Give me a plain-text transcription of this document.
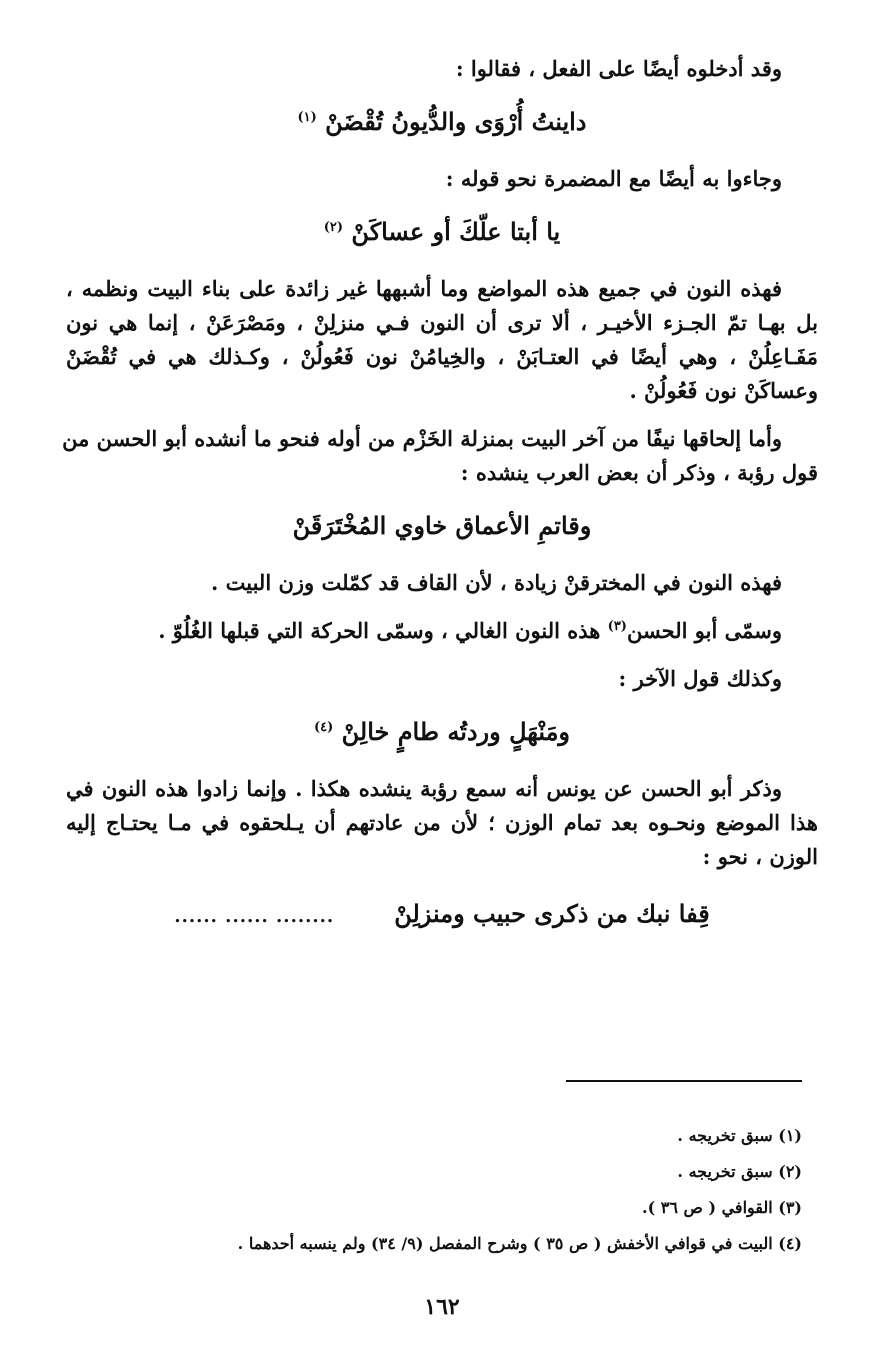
وقد أدخلوه أيضًا على الفعل ، فقالوا :
داينتُ أُرْوَى والدُّيونُ تُقْضَنْ $^{(١)}$
وجاءوا به أيضًا مع المضمرة نحو قوله :
يا أبتا علّكَ أو عساكَنْ $^{(٢)}$
فهذه النون في جميع هذه المواضع وما أشبهها غير زائدة على بناء البيت ونظمه ،
بل بهـا تمّ الجـزء الأخيـر ، ألا ترى أن النون فـي منزلِنْ ، ومَصْرَعَنْ ، إنما هي نون
مَفَـاعِلُنْ ، وهي أيضًا في العتـابَنْ ، والخِيامُنْ نون فَعُولُنْ ، وكـذلك هي في تُقْضَنْ
وعساكَنْ نون فَعُولُنْ .
وأما إلحاقها نيفًا من آخر البيت بمنزلة الخَزْم من أوله فنحو ما أنشده أبو الحسن من
قول رؤبة ، وذكر أن بعض العرب ينشده :
وقاتمِ الأعماق خاوي المُخْتَرَقَنْ
فهذه النون في المخترقنْ زيادة ، لأن القاف قد كمّلت وزن البيت .
وسمّى أبو الحسن$^{(٣)}$ هذه النون الغالي ، وسمّى الحركة التي قبلها الغُلُوّ .
وكذلك قول الآخر :
ومَنْهَلٍ وردتُه طامٍ خالِنْ $^{(٤)}$
وذكر أبو الحسن عن يونس أنه سمع رؤبة ينشده هكذا . وإنما زادوا هذه النون في
هذا الموضع ونحـوه بعد تمام الوزن ؛ لأن من عادتهم أن يـلحقوه في مـا يحتـاج إليه
الوزن ، نحو :
قِفا نبك من ذكرى حبيب ومنزلِنْ
...... ...... ........
(١) سبق تخريجه .
(٢) سبق تخريجه .
(٣) القوافي ( ص ٣٦ ).
(٤) البيت في قوافي الأخفش ( ص ٣٥ ) وشرح المفصل (٩/ ٣٤) ولم ينسبه أحدهما .
١٦٢
